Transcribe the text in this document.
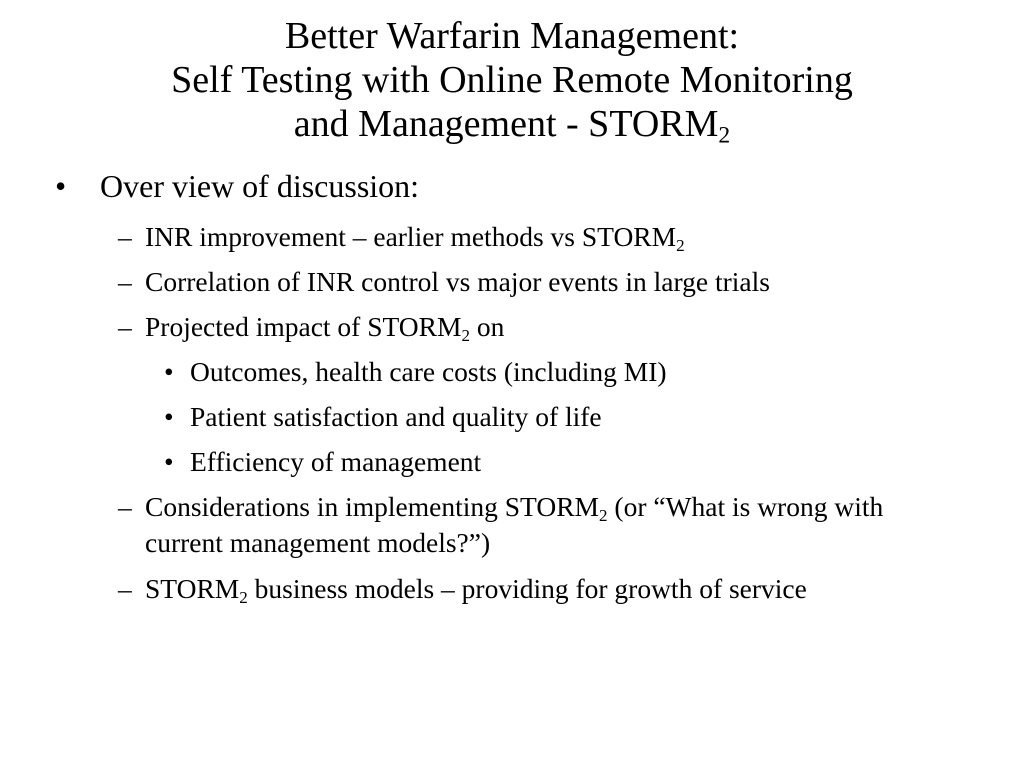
Better Warfarin Management:
Self Testing with Online Remote Monitoring
and Management - $STORM_2$
• Over view of discussion:
– INR improvement – earlier methods vs $STORM_2$
– Correlation of INR control vs major events in large trials
– Projected impact of $STORM_2$ on
• Outcomes, health care costs (including MI)
• Patient satisfaction and quality of life
• Efficiency of management
– Considerations in implementing $STORM_2$ (or “What is wrong with current management models?”)
– $STORM_2$ business models – providing for growth of service
